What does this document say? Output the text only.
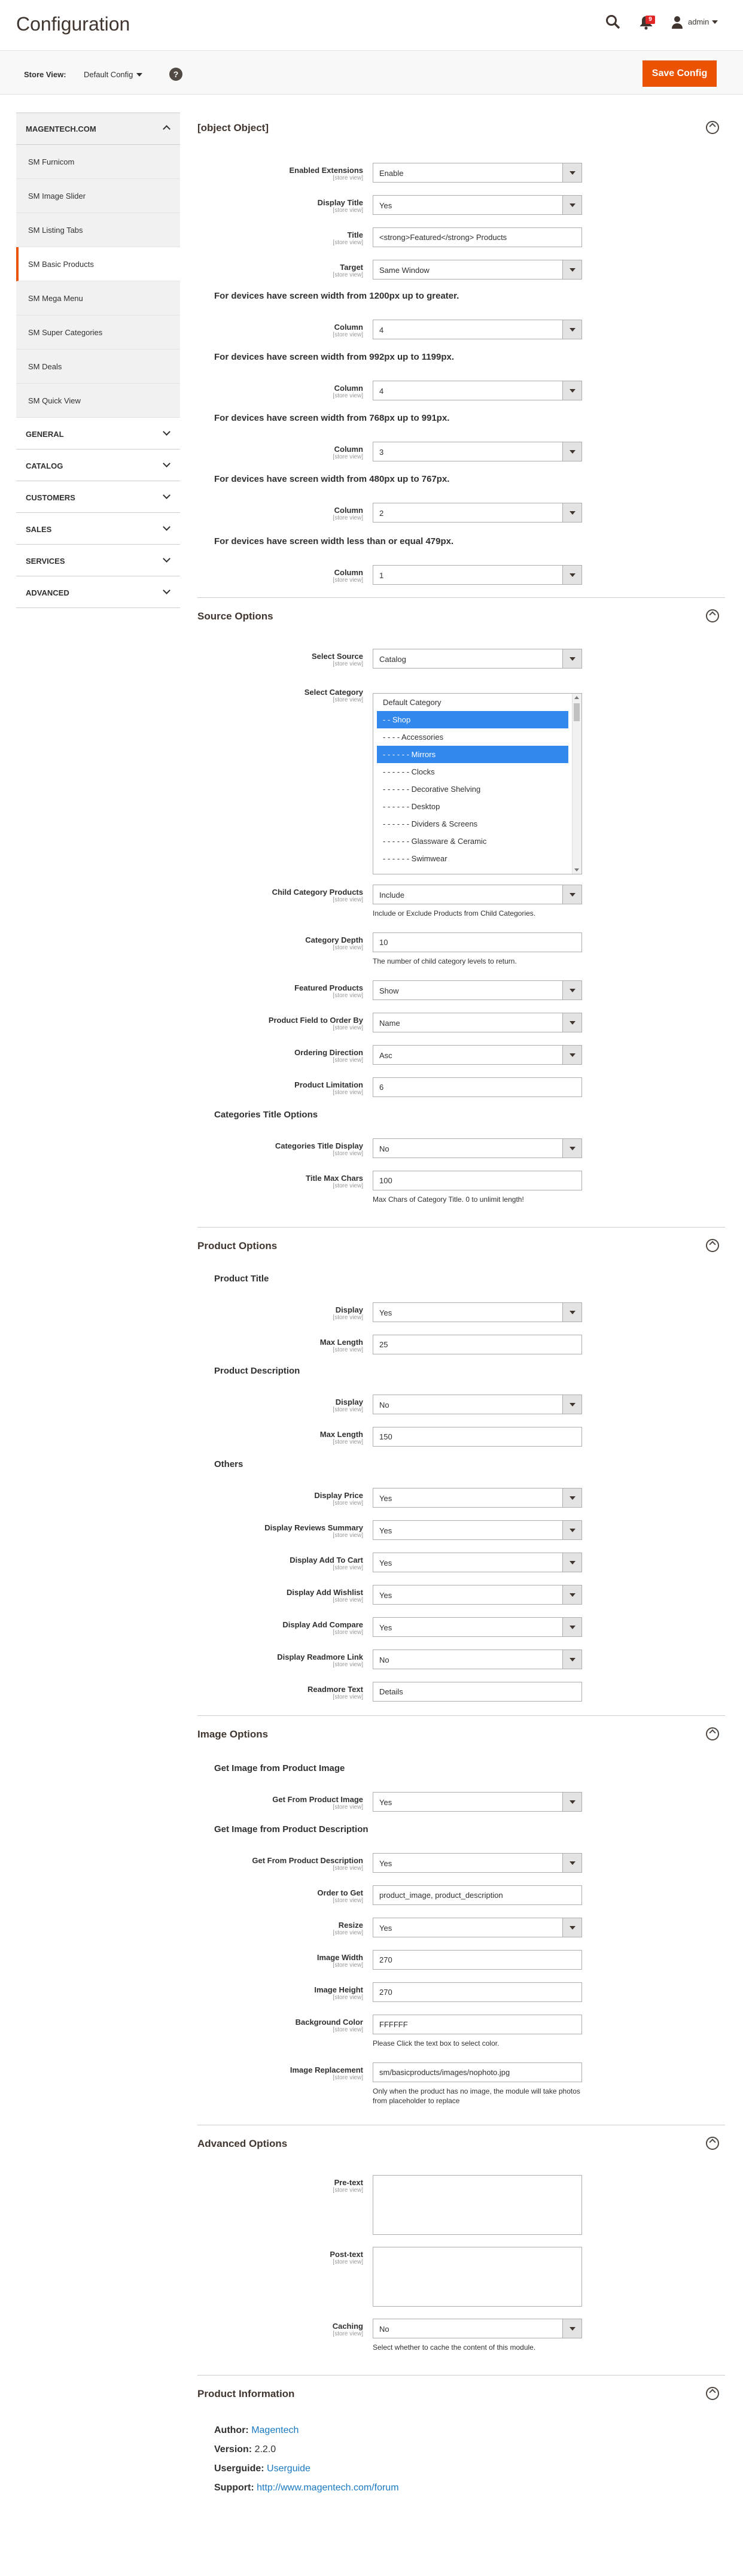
Configuration	9	admin
Store View: Default Config	?	Save Config
MAGENTECH.COM
SM Furnicom
SM Image Slider
SM Listing Tabs
SM Basic Products
SM Mega Menu
SM Super Categories
SM Deals
SM Quick View
GENERAL
CATALOG
CUSTOMERS
SALES
SERVICES
ADVANCED
[object Object]
Enabled Extensions
[store view]
Enable
Display Title
[store view]
Yes
Title
[store view]
<strong>Featured</strong> Products
Target
[store view]
Same Window
For devices have screen width from 1200px up to greater.
Column
[store view]
4
For devices have screen width from 992px up to 1199px.
Column
[store view]
4
For devices have screen width from 768px up to 991px.
Column
[store view]
3
For devices have screen width from 480px up to 767px.
Column
[store view]
2
For devices have screen width less than or equal 479px.
Column
[store view]
1
Source Options
Select Source
[store view]
Catalog
Select Category
[store view]	Default Category
- - Shop
- - - - Accessories
- - - - - - Mirrors
- - - - - - Clocks
- - - - - - Decorative Shelving
- - - - - - Desktop
- - - - - - Dividers & Screens
- - - - - - Glassware & Ceramic
- - - - - - Swimwear
Child Category Products
[store view]
Include
Include or Exclude Products from Child Categories.
Category Depth
[store view]
10
The number of child category levels to return.
Featured Products
[store view]
Show
Product Field to Order By
[store view]
Name
Ordering Direction
[store view]
Asc
Product Limitation
[store view]
6
Categories Title Options
Categories Title Display
[store view]
No
Title Max Chars
[store view]
100
Max Chars of Category Title. 0 to unlimit length!
Product Options
Product Title
Display
[store view]
Yes
Max Length
[store view]
25
Product Description
Display
[store view]
No
Max Length
[store view]
150
Others
Display Price
[store view]
Yes
Display Reviews Summary
[store view]
Yes
Display Add To Cart
[store view]
Yes
Display Add Wishlist
[store view]
Yes
Display Add Compare
[store view]
Yes
Display Readmore Link
[store view]
No
Readmore Text
[store view]
Details
Image Options
Get Image from Product Image
Get From Product Image
[store view]
Yes
Get Image from Product Description
Get From Product Description
[store view]
Yes
Order to Get
[store view]
product_image, product_description
Resize
[store view]
Yes
Image Width
[store view]
270
Image Height
[store view]
270
Background Color
[store view]
FFFFFF
Please Click the text box to select color.
Image Replacement
[store view]
sm/basicproducts/images/nophoto.jpg
Only when the product has no image, the module will take photos from placeholder to replace
Advanced Options
Pre-text
[store view]
Post-text
[store view]
Caching
[store view]
No
Select whether to cache the content of this module.
Product Information
Author: Magentech
Version: 2.2.0
Userguide: Userguide
Support: http://www.magentech.com/forum
